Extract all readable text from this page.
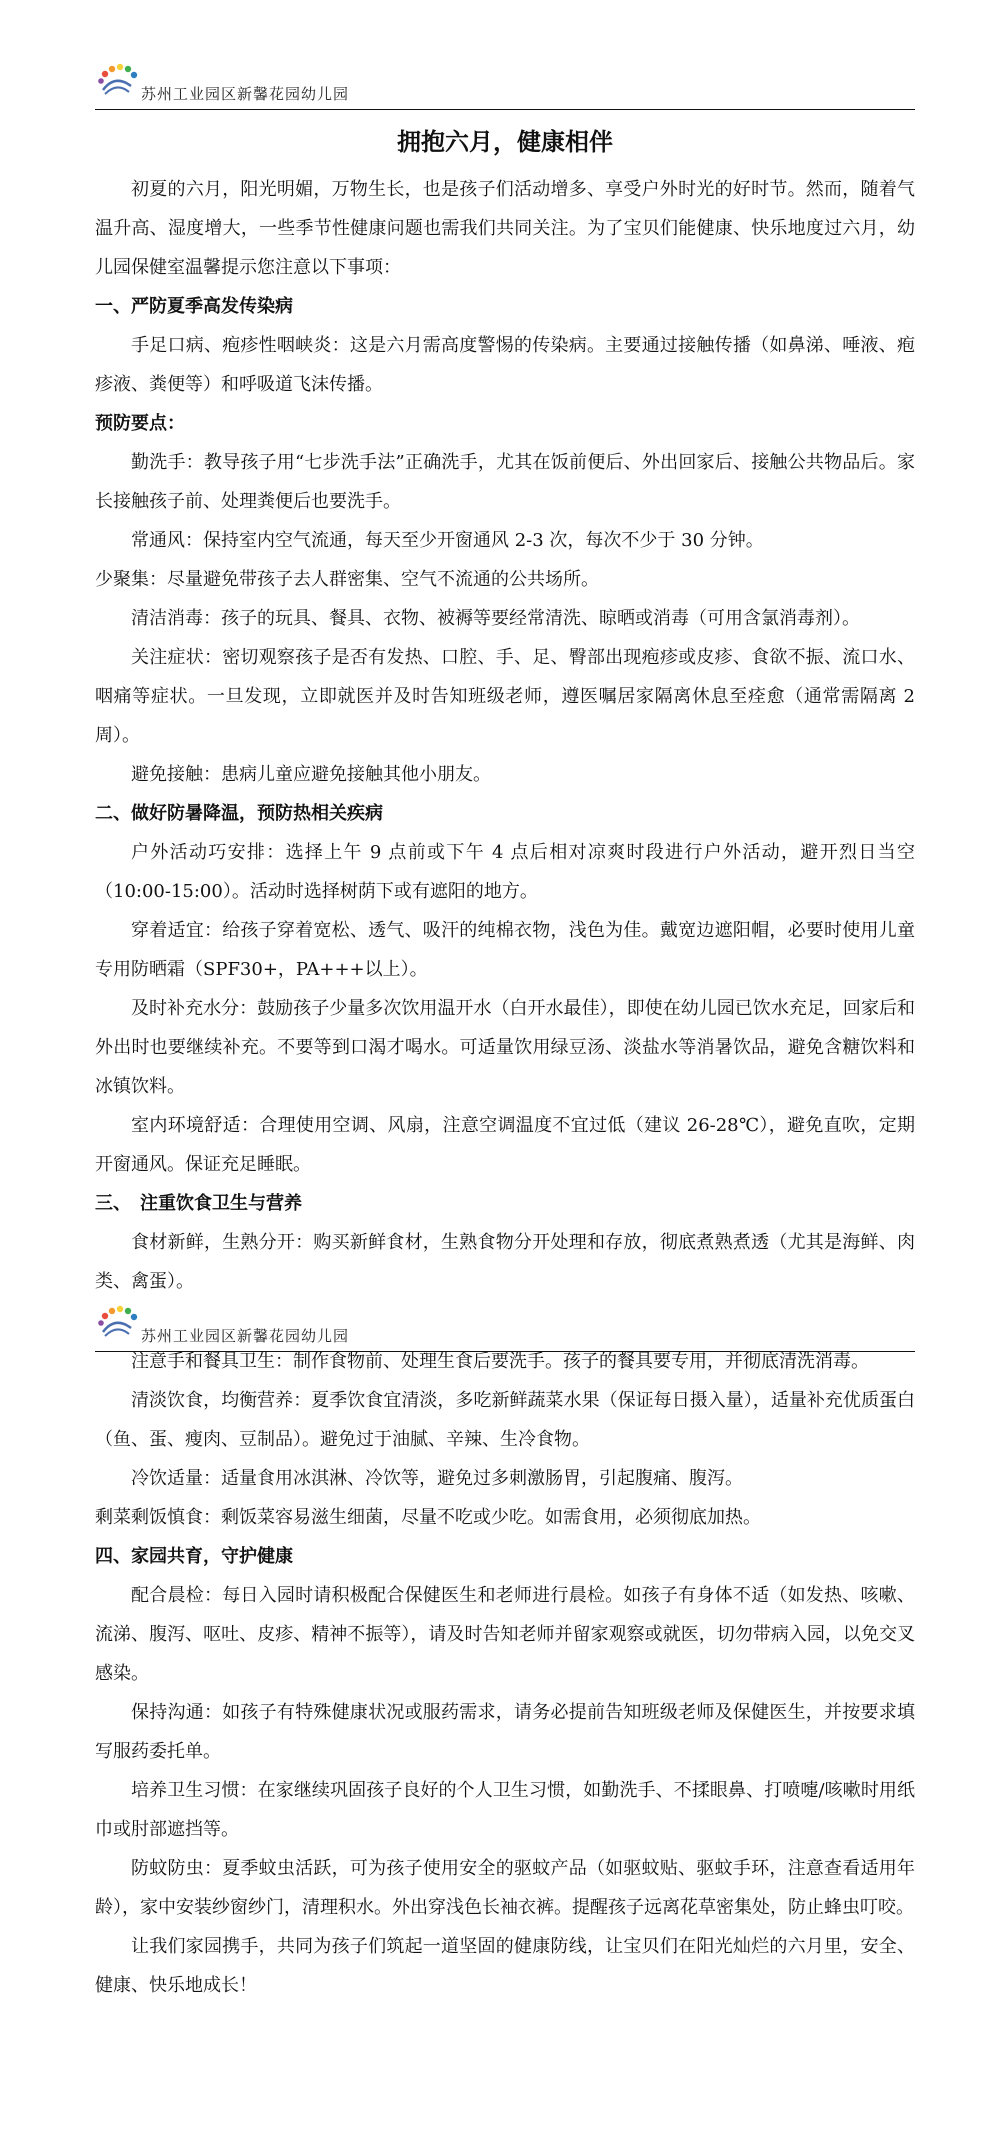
苏州工业园区新馨花园幼儿园
拥抱六月，健康相伴

初夏的六月，阳光明媚，万物生长，也是孩子们活动增多、享受户外时光的好时节。然而，随着气温升高、湿度增大，一些季节性健康问题也需我们共同关注。为了宝贝们能健康、快乐地度过六月，幼儿园保健室温馨提示您注意以下事项：

一、严防夏季高发传染病

手足口病、疱疹性咽峡炎：这是六月需高度警惕的传染病。主要通过接触传播（如鼻涕、唾液、疱疹液、粪便等）和呼吸道飞沫传播。

预防要点：

勤洗手：教导孩子用“七步洗手法”正确洗手，尤其在饭前便后、外出回家后、接触公共物品后。家长接触孩子前、处理粪便后也要洗手。

常通风：保持室内空气流通，每天至少开窗通风 2-3 次，每次不少于 30 分钟。

少聚集：尽量避免带孩子去人群密集、空气不流通的公共场所。

清洁消毒：孩子的玩具、餐具、衣物、被褥等要经常清洗、晾晒或消毒（可用含氯消毒剂）。

关注症状：密切观察孩子是否有发热、口腔、手、足、臀部出现疱疹或皮疹、食欲不振、流口水、咽痛等症状。一旦发现，立即就医并及时告知班级老师，遵医嘱居家隔离休息至痊愈（通常需隔离 2 周）。

避免接触：患病儿童应避免接触其他小朋友。

二、做好防暑降温，预防热相关疾病

户外活动巧安排：选择上午 9 点前或下午 4 点后相对凉爽时段进行户外活动，避开烈日当空（10:00-15:00）。活动时选择树荫下或有遮阳的地方。

穿着适宜：给孩子穿着宽松、透气、吸汗的纯棉衣物，浅色为佳。戴宽边遮阳帽，必要时使用儿童专用防晒霜（SPF30+，PA+++以上）。

及时补充水分：鼓励孩子少量多次饮用温开水（白开水最佳），即使在幼儿园已饮水充足，回家后和外出时也要继续补充。不要等到口渴才喝水。可适量饮用绿豆汤、淡盐水等消暑饮品，避免含糖饮料和冰镇饮料。

室内环境舒适：合理使用空调、风扇，注意空调温度不宜过低（建议 26-28℃），避免直吹，定期开窗通风。保证充足睡眠。

三、　注重饮食卫生与营养

食材新鲜，生熟分开：购买新鲜食材，生熟食物分开处理和存放，彻底煮熟煮透（尤其是海鲜、肉类、禽蛋）。

苏州工业园区新馨花园幼儿园

注意手和餐具卫生：制作食物前、处理生食后要洗手。孩子的餐具要专用，并彻底清洗消毒。

清淡饮食，均衡营养：夏季饮食宜清淡，多吃新鲜蔬菜水果（保证每日摄入量），适量补充优质蛋白（鱼、蛋、瘦肉、豆制品）。避免过于油腻、辛辣、生冷食物。

冷饮适量：适量食用冰淇淋、冷饮等，避免过多刺激肠胃，引起腹痛、腹泻。

剩菜剩饭慎食：剩饭菜容易滋生细菌，尽量不吃或少吃。如需食用，必须彻底加热。

四、家园共育，守护健康

配合晨检：每日入园时请积极配合保健医生和老师进行晨检。如孩子有身体不适（如发热、咳嗽、流涕、腹泻、呕吐、皮疹、精神不振等），请及时告知老师并留家观察或就医，切勿带病入园，以免交叉感染。

保持沟通：如孩子有特殊健康状况或服药需求，请务必提前告知班级老师及保健医生，并按要求填写服药委托单。

培养卫生习惯：在家继续巩固孩子良好的个人卫生习惯，如勤洗手、不揉眼鼻、打喷嚏/咳嗽时用纸巾或肘部遮挡等。

防蚊防虫：夏季蚊虫活跃，可为孩子使用安全的驱蚊产品（如驱蚊贴、驱蚊手环，注意查看适用年龄），家中安装纱窗纱门，清理积水。外出穿浅色长袖衣裤。提醒孩子远离花草密集处，防止蜂虫叮咬。

让我们家园携手，共同为孩子们筑起一道坚固的健康防线，让宝贝们在阳光灿烂的六月里，安全、健康、快乐地成长！
